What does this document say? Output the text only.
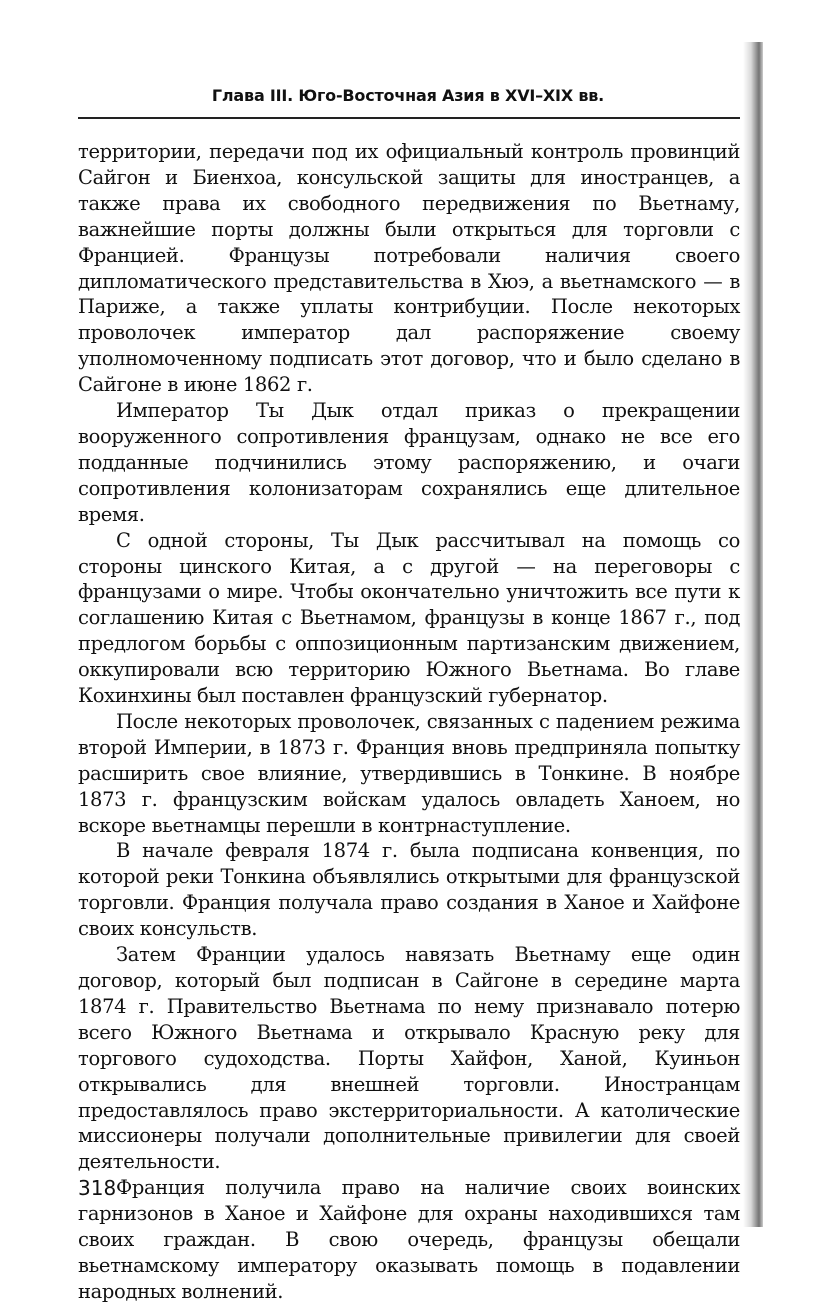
Глава III. Юго-Восточная Азия в XVI–XIX вв.

территории, передачи под их официальный контроль провинций Сайгон и Биенхоа, консульской защиты для иностранцев, а также права их свободного передвижения по Вьетнаму, важнейшие порты должны были открыться для торговли с Францией. Французы потребовали наличия своего дипломатического представительства в Хюэ, а вьетнамского — в Париже, а также уплаты контрибуции. После некоторых проволочек император дал распоряжение своему уполномоченному подписать этот договор, что и было сделано в Сайгоне в июне 1862 г.

Император Ты Дык отдал приказ о прекращении вооруженного сопротивления французам, однако не все его подданные подчинились этому распоряжению, и очаги сопротивления колонизаторам сохранялись еще длительное время.

С одной стороны, Ты Дык рассчитывал на помощь со стороны цинского Китая, а с другой — на переговоры с французами о мире. Чтобы окончательно уничтожить все пути к соглашению Китая с Вьетнамом, французы в конце 1867 г., под предлогом борьбы с оппозиционным партизанским движением, оккупировали всю территорию Южного Вьетнама. Во главе Кохинхины был поставлен французский губернатор.

После некоторых проволочек, связанных с падением режима второй Империи, в 1873 г. Франция вновь предприняла попытку расширить свое влияние, утвердившись в Тонкине. В ноябре 1873 г. французским войскам удалось овладеть Ханоем, но вскоре вьетнамцы перешли в контрнаступление.

В начале февраля 1874 г. была подписана конвенция, по которой реки Тонкина объявлялись открытыми для французской торговли. Франция получала право создания в Ханое и Хайфоне своих консульств.

Затем Франции удалось навязать Вьетнаму еще один договор, который был подписан в Сайгоне в середине марта 1874 г. Правительство Вьетнама по нему признавало потерю всего Южного Вьетнама и открывало Красную реку для торгового судоходства. Порты Хайфон, Ханой, Куиньон открывались для внешней торговли. Иностранцам предоставлялось право экстерриториальности. А католические миссионеры получали дополнительные привилегии для своей деятельности.

Франция получила право на наличие своих воинских гарнизонов в Ханое и Хайфоне для охраны находившихся там своих граждан. В свою очередь, французы обещали вьетнамскому императору оказывать помощь в подавлении народных волнений.

318
